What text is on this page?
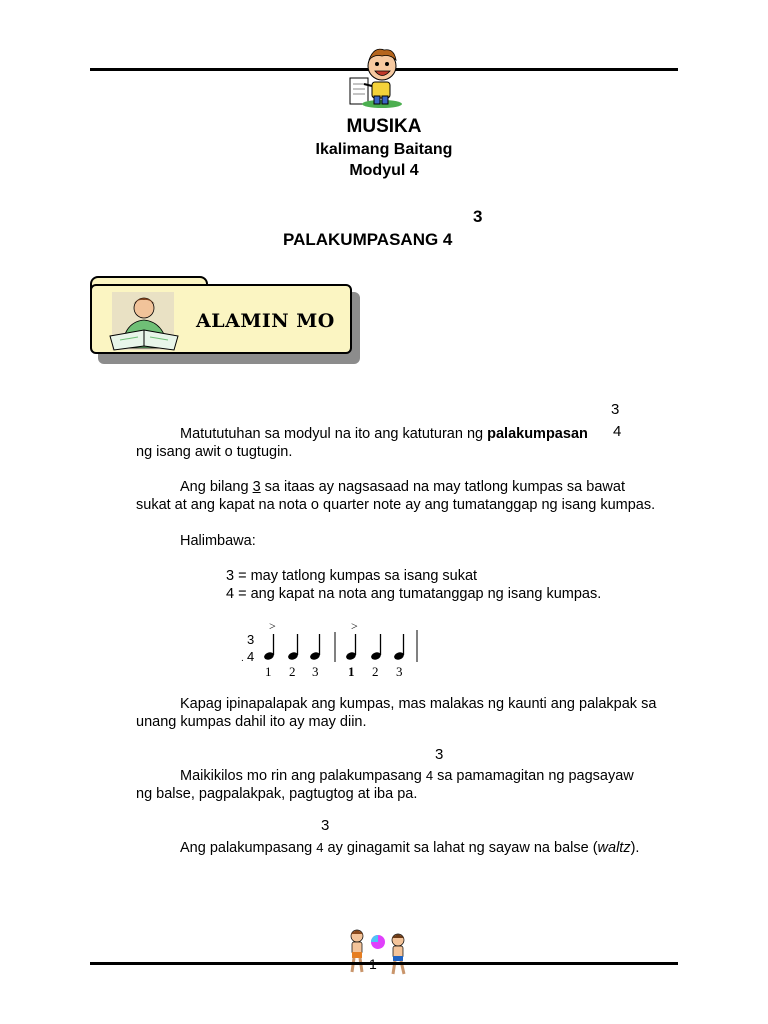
MUSIKA
Ikalimang Baitang
Modyul 4
3
PALAKUMPASANG 4
ALAMIN MO
3
Matututuhan sa modyul na ito ang katuturan ng palakumpasan 4
ng isang awit o tugtugin.
Ang bilang 3 sa itaas ay nagsasaad na may tatlong kumpas sa bawat
sukat at ang kapat na nota o quarter note ay ang tumatanggap ng isang kumpas.
Halimbawa:
3 = may tatlong kumpas sa isang sukat
4 = ang kapat na nota ang tumatanggap ng isang kumpas.
3
4
.
>	>
1 2 3 1 2 3
Kapag ipinapalapak ang kumpas, mas malakas ng kaunti ang palakpak sa
unang kumpas dahil ito ay may diin.
3
Maikikilos mo rin ang palakumpasang 4 sa pamamagitan ng pagsayaw
ng balse, pagpalakpak, pagtugtog at iba pa.
3
Ang palakumpasang 4 ay ginagamit sa lahat ng sayaw na balse (waltz).
1
